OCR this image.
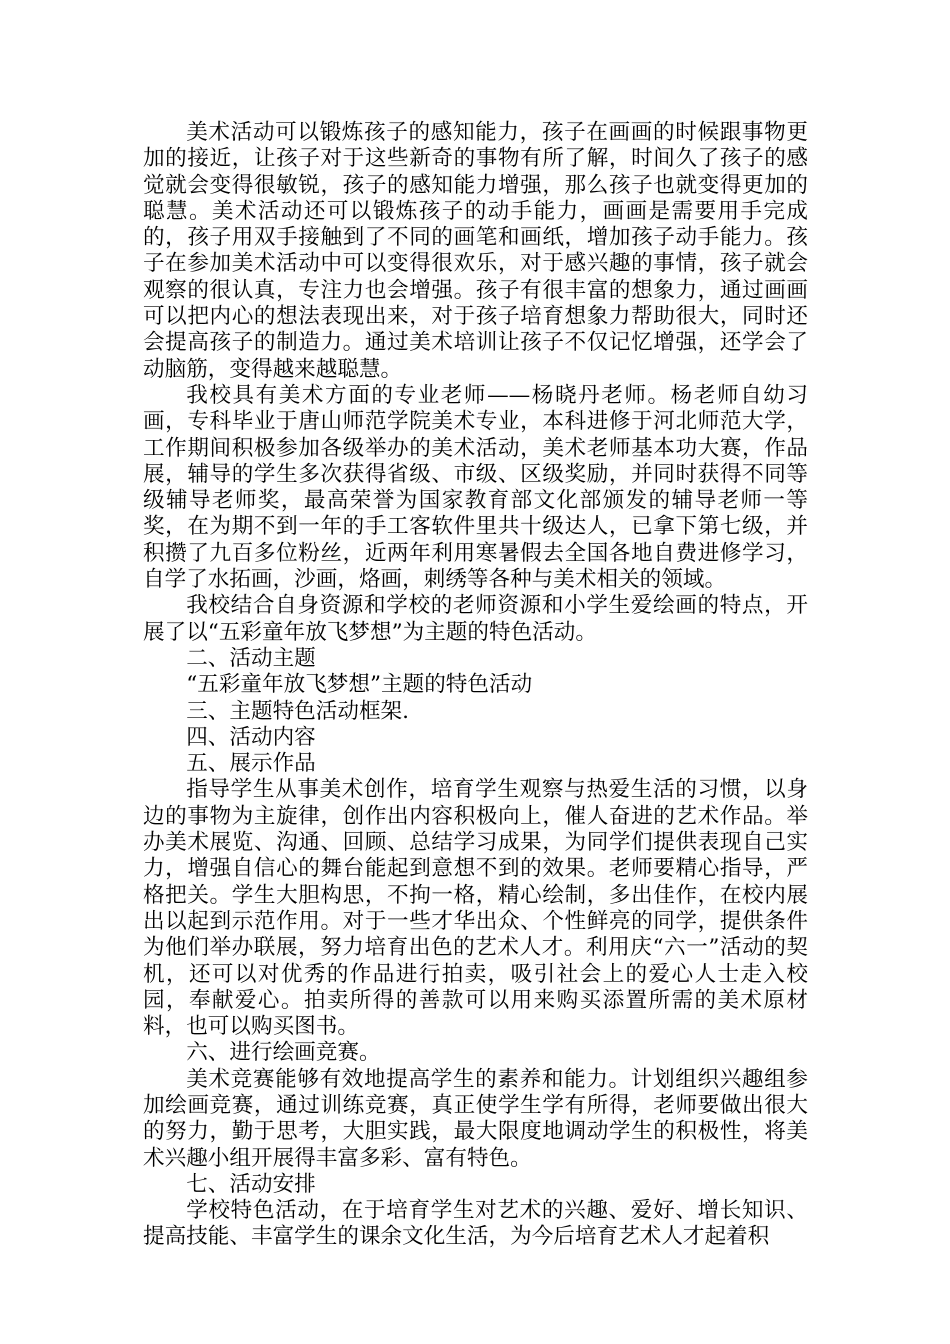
美术活动可以锻炼孩子的感知能力，孩子在画画的时候跟事物更加的接近，让孩子对于这些新奇的事物有所了解，时间久了孩子的感觉就会变得很敏锐，孩子的感知能力增强，那么孩子也就变得更加的聪慧。美术活动还可以锻炼孩子的动手能力，画画是需要用手完成的，孩子用双手接触到了不同的画笔和画纸，增加孩子动手能力。孩子在参加美术活动中可以变得很欢乐，对于感兴趣的事情，孩子就会观察的很认真，专注力也会增强。孩子有很丰富的想象力，通过画画可以把内心的想法表现出来，对于孩子培育想象力帮助很大，同时还会提高孩子的制造力。通过美术培训让孩子不仅记忆增强，还学会了动脑筋，变得越来越聪慧。

我校具有美术方面的专业老师——杨晓丹老师。杨老师自幼习画，专科毕业于唐山师范学院美术专业，本科进修于河北师范大学，工作期间积极参加各级举办的美术活动，美术老师基本功大赛，作品展，辅导的学生多次获得省级、市级、区级奖励，并同时获得不同等级辅导老师奖，最高荣誉为国家教育部文化部颁发的辅导老师一等奖，在为期不到一年的手工客软件里共十级达人，已拿下第七级，并积攒了九百多位粉丝，近两年利用寒暑假去全国各地自费进修学习，自学了水拓画，沙画，烙画，刺绣等各种与美术相关的领域。

我校结合自身资源和学校的老师资源和小学生爱绘画的特点，开展了以“五彩童年放飞梦想”为主题的特色活动。

二、活动主题

“五彩童年放飞梦想”主题的特色活动

三、主题特色活动框架.

四、活动内容

五、展示作品

指导学生从事美术创作，培育学生观察与热爱生活的习惯，以身边的事物为主旋律，创作出内容积极向上，催人奋进的艺术作品。举办美术展览、沟通、回顾、总结学习成果，为同学们提供表现自己实力，增强自信心的舞台能起到意想不到的效果。老师要精心指导，严格把关。学生大胆构思，不拘一格，精心绘制，多出佳作，在校内展出以起到示范作用。对于一些才华出众、个性鲜亮的同学，提供条件为他们举办联展，努力培育出色的艺术人才。利用庆“六一”活动的契机，还可以对优秀的作品进行拍卖，吸引社会上的爱心人士走入校园，奉献爱心。拍卖所得的善款可以用来购买添置所需的美术原材料，也可以购买图书。

六、进行绘画竞赛。

美术竞赛能够有效地提高学生的素养和能力。计划组织兴趣组参加绘画竞赛，通过训练竞赛，真正使学生学有所得，老师要做出很大的努力，勤于思考，大胆实践，最大限度地调动学生的积极性，将美术兴趣小组开展得丰富多彩、富有特色。

七、活动安排

学校特色活动，在于培育学生对艺术的兴趣、爱好、增长知识、提高技能、丰富学生的课余文化生活，为今后培育艺术人才起着积
